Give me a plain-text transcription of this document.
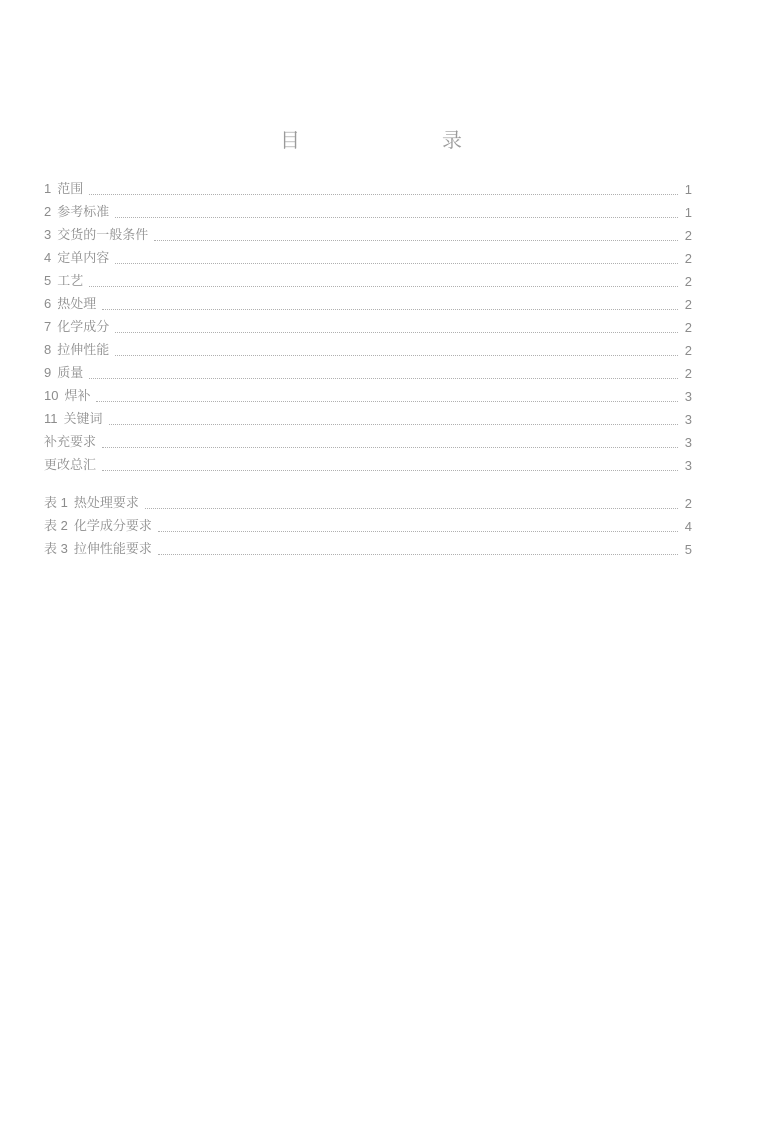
目	录
1 范围	1
2 参考标准	1
3 交货的一般条件	2
4 定单内容	2
5 工艺	2
6 热处理	2
7 化学成分	2
8 拉伸性能	2
9 质量	2
10 焊补	3
11 关键词	3
补充要求	3
更改总汇	3
表 1 热处理要求	2
表 2 化学成分要求	4
表 3 拉伸性能要求	5
